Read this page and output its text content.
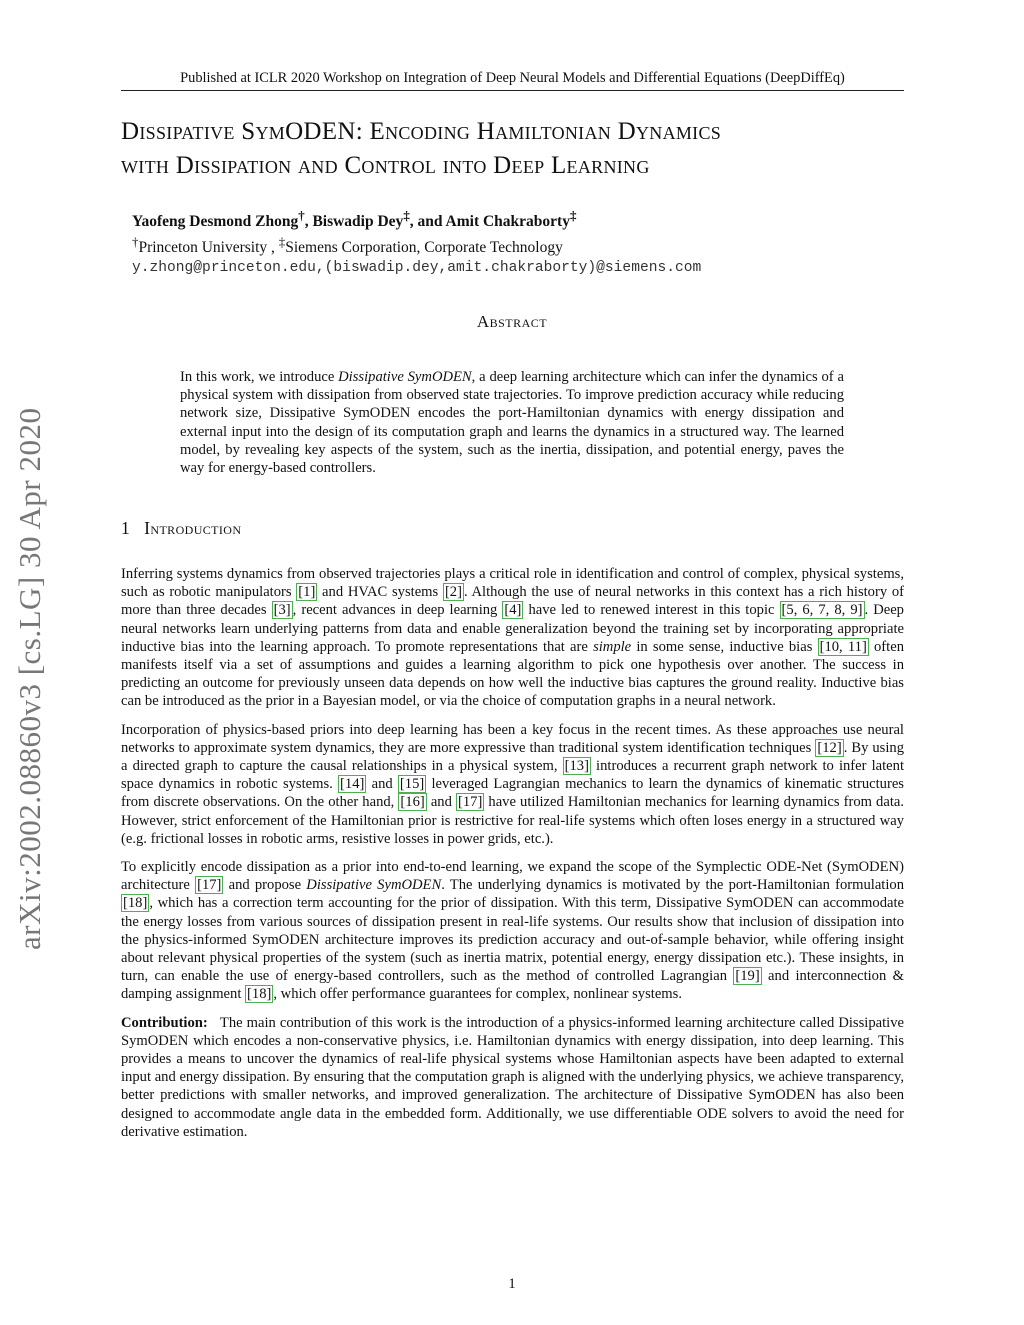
Published at ICLR 2020 Workshop on Integration of Deep Neural Models and Differential Equations (DeepDiffEq)
Dissipative SymODEN: Encoding Hamiltonian Dynamics
with Dissipation and Control into Deep Learning
Yaofeng Desmond Zhong†, Biswadip Dey‡, and Amit Chakraborty‡
†Princeton University , ‡Siemens Corporation, Corporate Technology
y.zhong@princeton.edu,(biswadip.dey,amit.chakraborty)@siemens.com
Abstract

In this work, we introduce Dissipative SymODEN, a deep learning architecture which can infer the dynamics of a physical system with dissipation from observed state trajectories. To improve prediction accuracy while reducing network size, Dissipative SymODEN encodes the port-Hamiltonian dynamics with energy dissipation and external input into the design of its computation graph and learns the dynamics in a structured way. The learned model, by revealing key aspects of the system, such as the inertia, dissipation, and potential energy, paves the way for energy-based controllers.

arXiv:2002.08860v3 [cs.LG] 30 Apr 2020	1 Introduction

Inferring systems dynamics from observed trajectories plays a critical role in identification and control of complex, physical systems, such as robotic manipulators [1] and HVAC systems [2] . Although the use of neural networks in this context has a rich history of more than three decades [3] , recent advances in deep learning [4] have led to renewed interest in this topic [5, 6, 7, 8, 9] . Deep neural networks learn underlying patterns from data and enable generalization beyond the training set by incorporating appropriate inductive bias into the learning approach. To promote representations that are simple in some sense, inductive bias [10, 11] often manifests itself via a set of assumptions and guides a learning algorithm to pick one hypothesis over another. The success in predicting an outcome for previously unseen data depends on how well the inductive bias captures the ground reality. Inductive bias can be introduced as the prior in a Bayesian model, or via the choice of computation graphs in a neural network.

Incorporation of physics-based priors into deep learning has been a key focus in the recent times. As these approaches use neural networks to approximate system dynamics, they are more expressive than traditional system identification techniques [12] . By using a directed graph to capture the causal relationships in a physical system, [13] introduces a recurrent graph network to infer latent space dynamics in robotic systems. [14] and [15] leveraged Lagrangian mechanics to learn the dynamics of kinematic structures from discrete observations. On the other hand, [16] and [17] have utilized Hamiltonian mechanics for learning dynamics from data. However, strict enforcement of the Hamiltonian prior is restrictive for real-life systems which often loses energy in a structured way (e.g. frictional losses in robotic arms, resistive losses in power grids, etc.).

To explicitly encode dissipation as a prior into end-to-end learning, we expand the scope of the Symplectic ODE-Net (SymODEN) architecture [17] and propose Dissipative SymODEN. The underlying dynamics is motivated by the port-Hamiltonian formulation [18] , which has a correction term accounting for the prior of dissipation. With this term, Dissipative SymODEN can accommodate the energy losses from various sources of dissipation present in real-life systems. Our results show that inclusion of dissipation into the physics-informed SymODEN architecture improves its prediction accuracy and out-of-sample behavior, while offering insight about relevant physical properties of the system (such as inertia matrix, potential energy, energy dissipation etc.). These insights, in turn, can enable the use of energy-based controllers, such as the method of controlled Lagrangian [19] and interconnection & damping assignment [18] , which offer performance guarantees for complex, nonlinear systems.

Contribution: The main contribution of this work is the introduction of a physics-informed learning architecture called Dissipative SymODEN which encodes a non-conservative physics, i.e. Hamiltonian dynamics with energy dissipation, into deep learning. This provides a means to uncover the dynamics of real-life physical systems whose Hamiltonian aspects have been adapted to external input and energy dissipation. By ensuring that the computation graph is aligned with the underlying physics, we achieve transparency, better predictions with smaller networks, and improved generalization. The architecture of Dissipative SymODEN has also been designed to accommodate angle data in the embedded form. Additionally, we use differentiable ODE solvers to avoid the need for derivative estimation.

1
